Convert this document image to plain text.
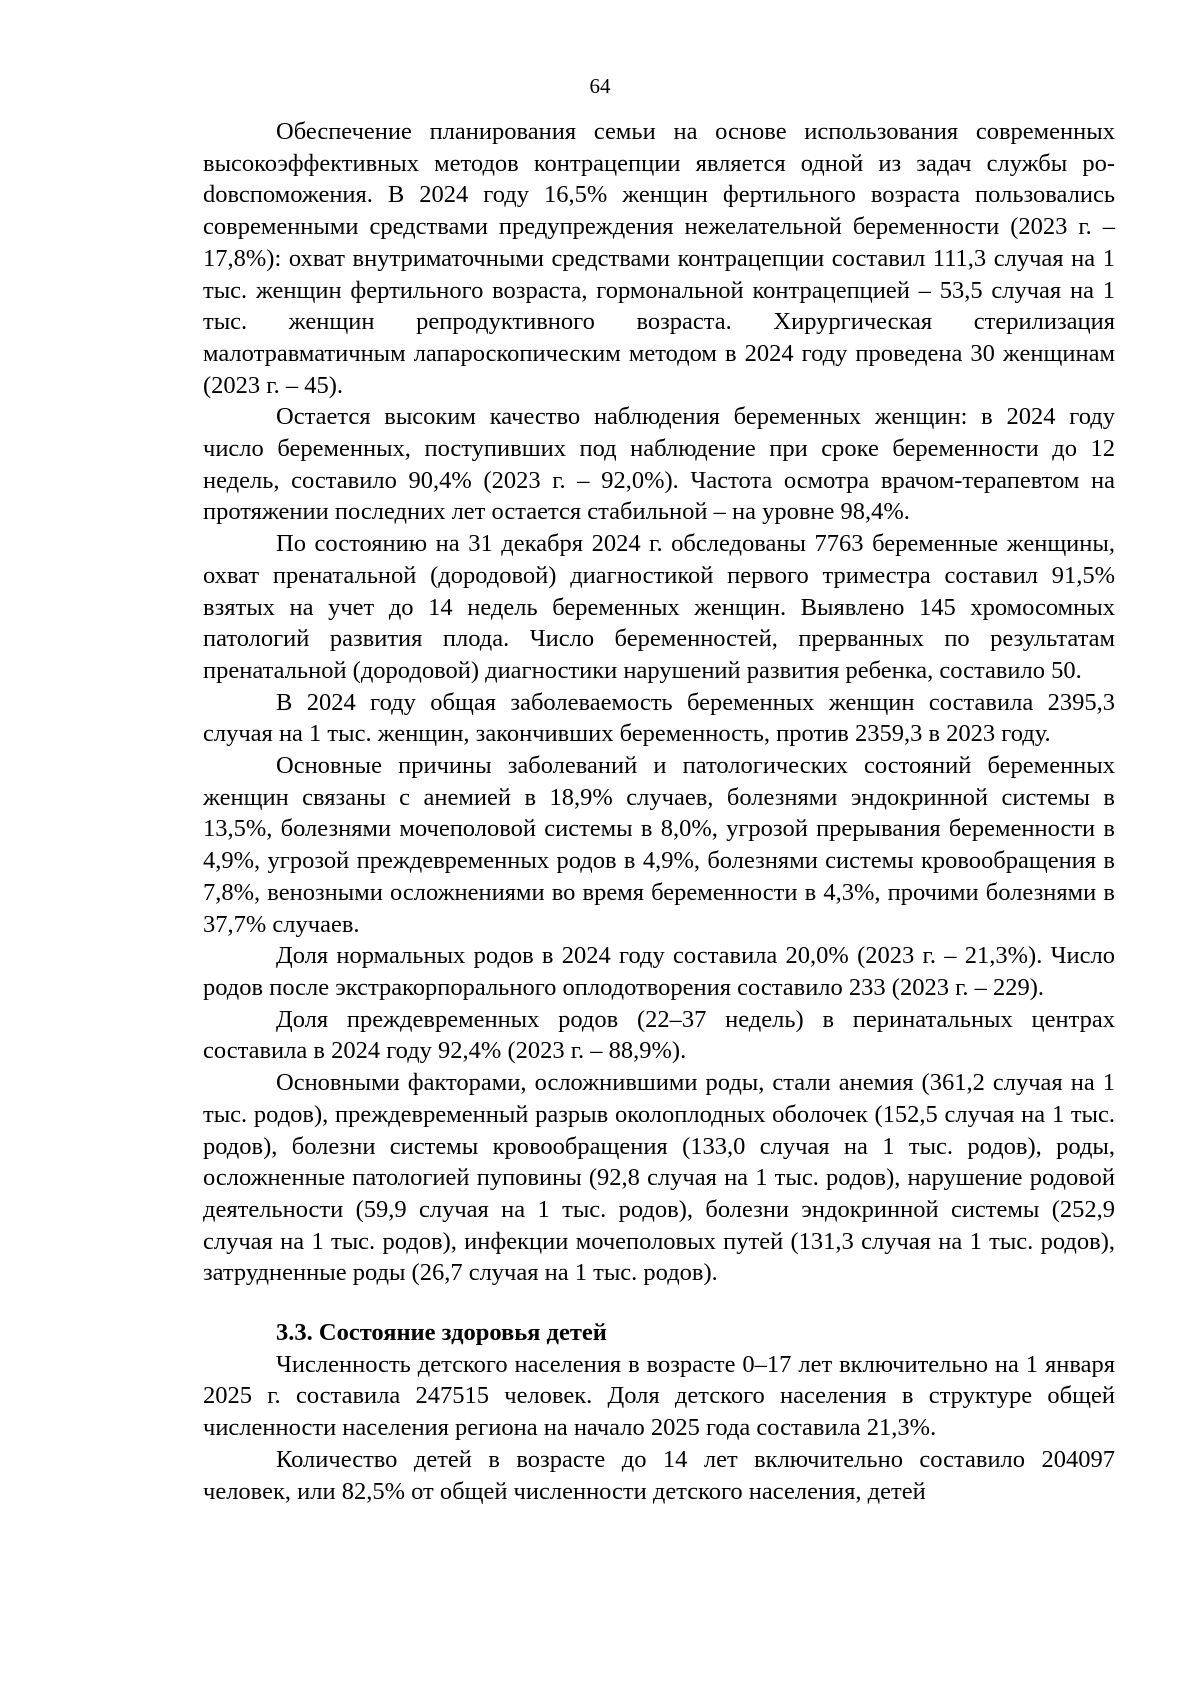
64

Обеспечение планирования семьи на основе использования современных высокоэффективных методов контрацепции является одной из задач службы роdовспоможения. В 2024 году 16,5% женщин фертильного возраста пользовались современными средствами предупреждения нежелательной беременности (2023 г. – 17,8%): охват внутриматочными средствами контрацепции составил 111,3 случая на 1 тыс. женщин фертильного возраста, гормональной контрацепцией – 53,5 случая на 1 тыс. женщин репродуктивного возраста. Хирургическая стерилизация малотравматичным лапароскопическим методом в 2024 году проведена 30 женщинам (2023 г. – 45).

Остается высоким качество наблюдения беременных женщин: в 2024 году число беременных, поступивших под наблюдение при сроке беременности до 12 недель, составило 90,4% (2023 г. – 92,0%). Частота осмотра врачом-терапевтом на протяжении последних лет остается стабильной – на уровне 98,4%.

По состоянию на 31 декабря 2024 г. обследованы 7763 беременные женщины, охват пренатальной (дородовой) диагностикой первого триместра составил 91,5% взятых на учет до 14 недель беременных женщин. Выявлено 145 хромосомных патологий развития плода. Число беременностей, прерванных по результатам пренатальной (дородовой) диагностики нарушений развития ребенка, составило 50.

В 2024 году общая заболеваемость беременных женщин составила 2395,3 случая на 1 тыс. женщин, закончивших беременность, против 2359,3 в 2023 году.

Основные причины заболеваний и патологических состояний беременных женщин связаны с анемией в 18,9% случаев, болезнями эндокринной системы в 13,5%, болезнями мочеполовой системы в 8,0%, угрозой прерывания беременности в 4,9%, угрозой преждевременных родов в 4,9%, болезнями системы кровообращения в 7,8%, венозными осложнениями во время беременности в 4,3%, прочими болезнями в 37,7% случаев.

Доля нормальных родов в 2024 году составила 20,0% (2023 г. – 21,3%). Число родов после экстракорпорального оплодотворения составило 233 (2023 г. – 229).

Доля преждевременных родов (22–37 недель) в перинатальных центрах составила в 2024 году 92,4% (2023 г. – 88,9%).

Основными факторами, осложнившими роды, стали анемия (361,2 случая на 1 тыс. родов), преждевременный разрыв околоплодных оболочек (152,5 случая на 1 тыс. родов), болезни системы кровообращения (133,0 случая на 1 тыс. родов), роды, осложненные патологией пуповины (92,8 случая на 1 тыс. родов), нарушение родовой деятельности (59,9 случая на 1 тыс. родов), болезни эндокринной системы (252,9 случая на 1 тыс. родов), инфекции мочеполовых путей (131,3 случая на 1 тыс. родов), затрудненные роды (26,7 случая на 1 тыс. родов).

3.3. Состояние здоровья детей

Численность детского населения в возрасте 0–17 лет включительно на 1 января 2025 г. составила 247515 человек. Доля детского населения в структуре общей численности населения региона на начало 2025 года составила 21,3%.

Количество детей в возрасте до 14 лет включительно составило 204097 человек, или 82,5% от общей численности детского населения, детей
